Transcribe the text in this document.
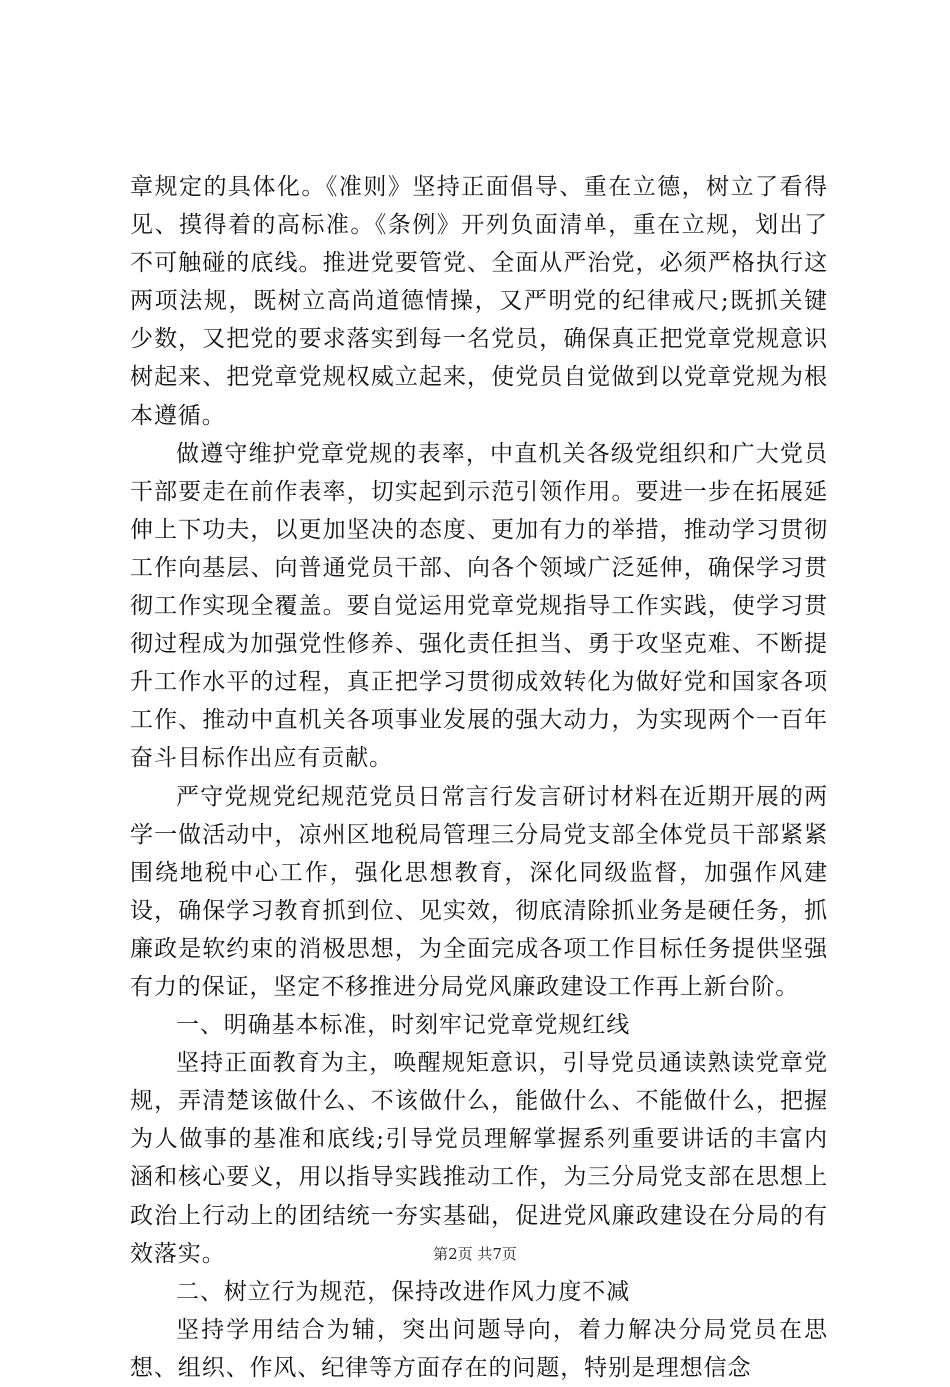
章规定的具体化。《准则》坚持正面倡导、重在立德，树立了看得见、摸得着的高标准。《条例》开列负面清单，重在立规，划出了不可触碰的底线。推进党要管党、全面从严治党，必须严格执行这两项法规，既树立高尚道德情操，又严明党的纪律戒尺;既抓关键少数，又把党的要求落实到每一名党员，确保真正把党章党规意识树起来、把党章党规权威立起来，使党员自觉做到以党章党规为根本遵循。

做遵守维护党章党规的表率，中直机关各级党组织和广大党员干部要走在前作表率，切实起到示范引领作用。要进一步在拓展延伸上下功夫，以更加坚决的态度、更加有力的举措，推动学习贯彻工作向基层、向普通党员干部、向各个领域广泛延伸，确保学习贯彻工作实现全覆盖。要自觉运用党章党规指导工作实践，使学习贯彻过程成为加强党性修养、强化责任担当、勇于攻坚克难、不断提升工作水平的过程，真正把学习贯彻成效转化为做好党和国家各项工作、推动中直机关各项事业发展的强大动力，为实现两个一百年奋斗目标作出应有贡献。

严守党规党纪规范党员日常言行发言研讨材料在近期开展的两学一做活动中，凉州区地税局管理三分局党支部全体党员干部紧紧围绕地税中心工作，强化思想教育，深化同级监督，加强作风建设，确保学习教育抓到位、见实效，彻底清除抓业务是硬任务，抓廉政是软约束的消极思想，为全面完成各项工作目标任务提供坚强有力的保证，坚定不移推进分局党风廉政建设工作再上新台阶。

一、明确基本标准，时刻牢记党章党规红线

坚持正面教育为主，唤醒规矩意识，引导党员通读熟读党章党规，弄清楚该做什么、不该做什么，能做什么、不能做什么，把握为人做事的基准和底线;引导党员理解掌握系列重要讲话的丰富内涵和核心要义，用以指导实践推动工作，为三分局党支部在思想上政治上行动上的团结统一夯实基础，促进党风廉政建设在分局的有效落实。

二、树立行为规范，保持改进作风力度不减

坚持学用结合为辅，突出问题导向，着力解决分局党员在思想、组织、作风、纪律等方面存在的问题，特别是理想信念

第2页 共7页
